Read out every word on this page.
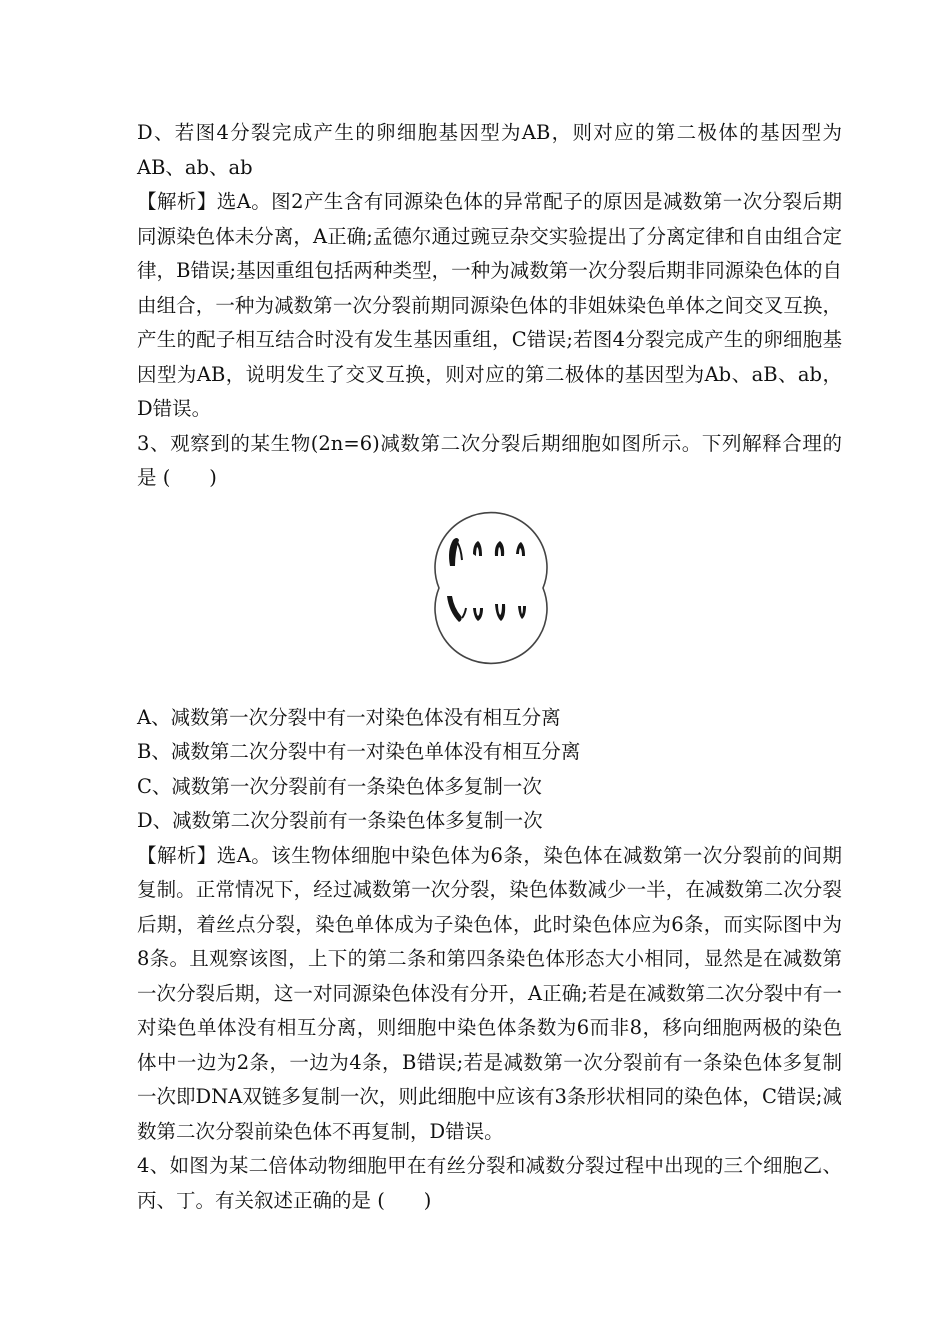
D、若图4分裂完成产生的卵细胞基因型为AB，则对应的第二极体的基因型为AB、ab、ab

【解析】选A。图2产生含有同源染色体的异常配子的原因是减数第一次分裂后期同源染色体未分离，A正确;孟德尔通过豌豆杂交实验提出了分离定律和自由组合定律，B错误;基因重组包括两种类型，一种为减数第一次分裂后期非同源染色体的自由组合，一种为减数第一次分裂前期同源染色体的非姐妹染色单体之间交叉互换，产生的配子相互结合时没有发生基因重组，C错误;若图4分裂完成产生的卵细胞基因型为AB，说明发生了交叉互换，则对应的第二极体的基因型为Ab、aB、ab，D错误。

3、观察到的某生物(2n=6)减数第二次分裂后期细胞如图所示。下列解释合理的是 (　　)

A、减数第一次分裂中有一对染色体没有相互分离

B、减数第二次分裂中有一对染色单体没有相互分离

C、减数第一次分裂前有一条染色体多复制一次

D、减数第二次分裂前有一条染色体多复制一次

【解析】选A。该生物体细胞中染色体为6条，染色体在减数第一次分裂前的间期复制。正常情况下，经过减数第一次分裂，染色体数减少一半，在减数第二次分裂后期，着丝点分裂，染色单体成为子染色体，此时染色体应为6条，而实际图中为8条。且观察该图，上下的第二条和第四条染色体形态大小相同，显然是在减数第一次分裂后期，这一对同源染色体没有分开，A正确;若是在减数第二次分裂中有一对染色单体没有相互分离，则细胞中染色体条数为6而非8，移向细胞两极的染色体中一边为2条，一边为4条，B错误;若是减数第一次分裂前有一条染色体多复制一次即DNA双链多复制一次，则此细胞中应该有3条形状相同的染色体，C错误;减数第二次分裂前染色体不再复制，D错误。

4、如图为某二倍体动物细胞甲在有丝分裂和减数分裂过程中出现的三个细胞乙、丙、丁。有关叙述正确的是 (　　)
